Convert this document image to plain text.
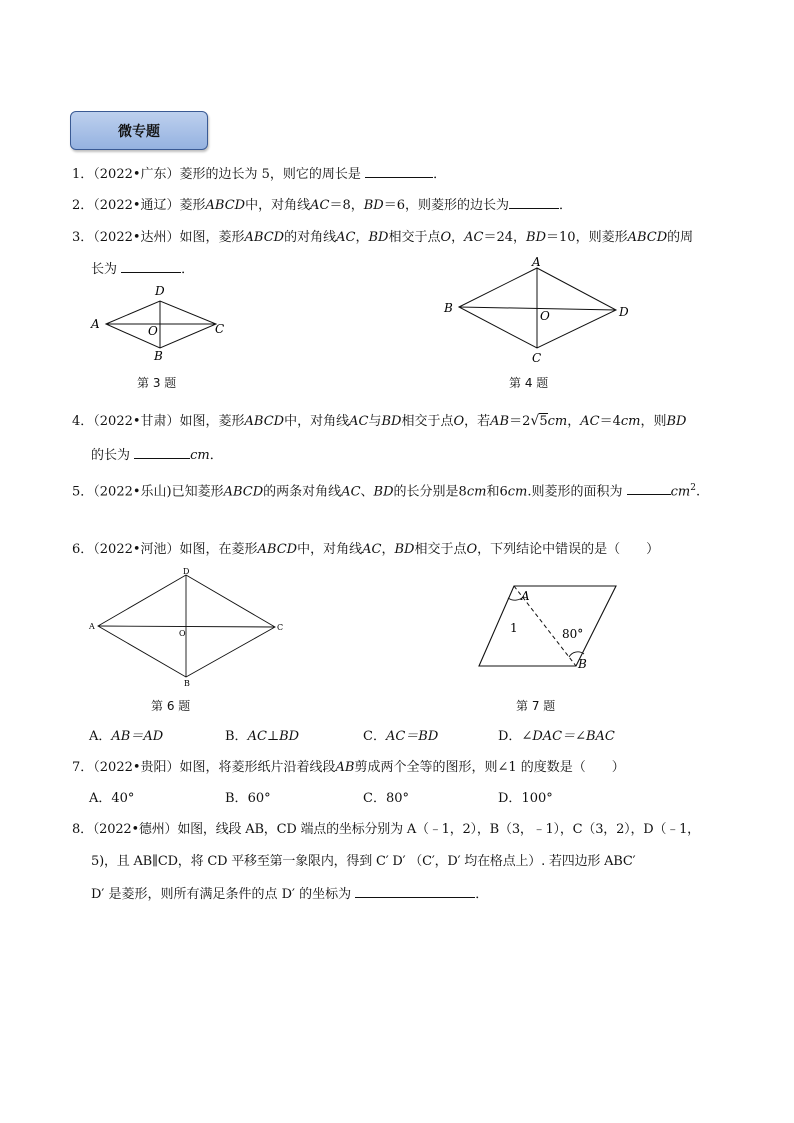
微专题
1．（2022•广东）菱形的边长为 5，则它的周长是	．
2．（2022•通辽）菱形ABCD中，对角线AC＝8，BD＝6，则菱形的边长为	．
3．（2022•达州）如图，菱形ABCD的对角线AC，BD相交于点O，AC＝24，BD＝10，则菱形ABCD的周
长为	．
A
D
C
B
O
第 3 题
A
B	D
C
O
第 4 题
4．（2022•甘肃）如图，菱形ABCD中，对角线AC与BD相交于点O，若AB＝2√5cm，AC＝4cm，则BD
的长为	cm．
5．（2022•乐山)已知菱形ABCD的两条对角线AC、BD的长分别是8cm和6cm.则菱形的面积为	$cm^2$.
6．（2022•河池）如图，在菱形ABCD中，对角线AC，BD相交于点O，下列结论中错误的是（　　）
D
A	C
B
O
第 6 题
A
1	80°
B
第 7 题
A．AB＝AD	B．AC⊥BD	C．AC＝BD	D．∠DAC＝∠BAC
7．（2022•贵阳）如图，将菱形纸片沿着线段AB剪成两个全等的图形，则∠1 的度数是（　　）
A．40°	B．60°	C．80°	D．100°
8．（2022•德州）如图，线段 AB，CD 端点的坐标分别为 A（﹣1，2），B（3，﹣1），C（3，2），D（﹣1，
5)，且 AB∥CD，将 CD 平移至第一象限内，得到 C′ D′ （C′，D′ 均在格点上）. 若四边形 ABC′
D′ 是菱形，则所有满足条件的点 D′ 的坐标为	．
